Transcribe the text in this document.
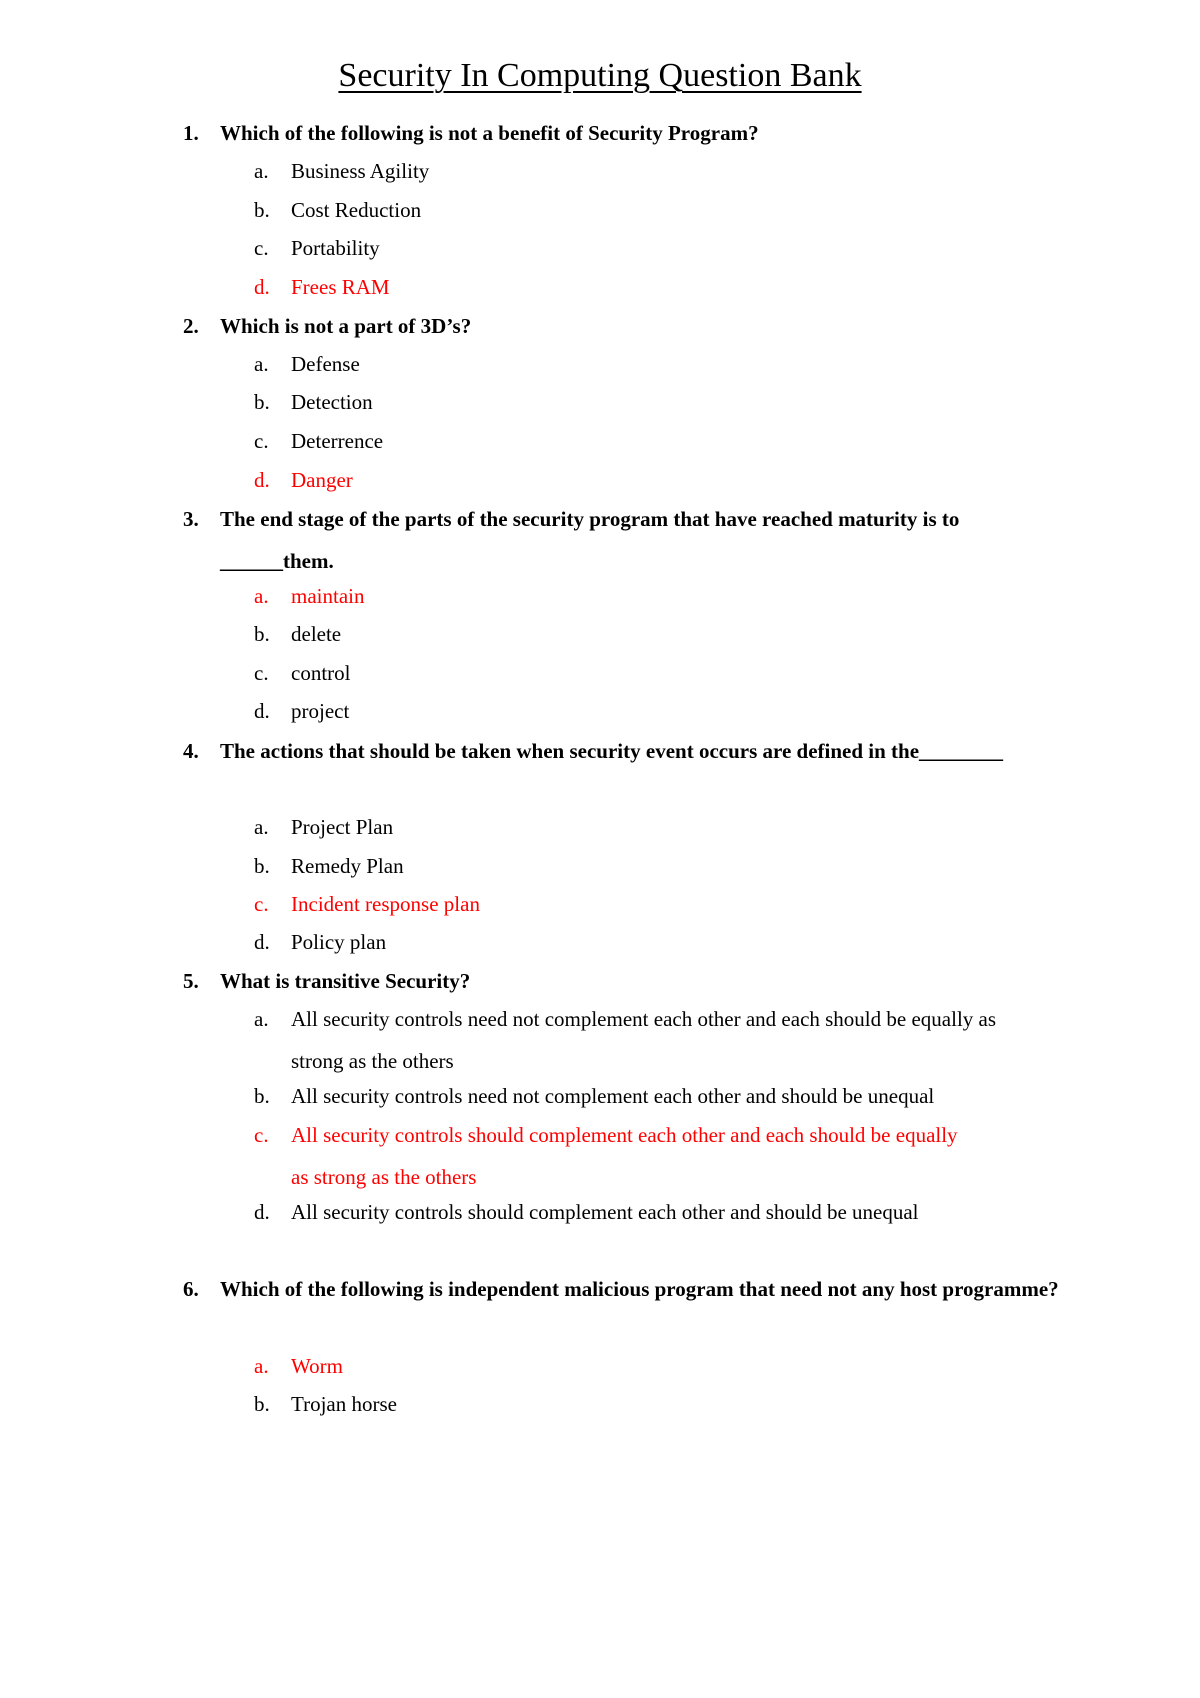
Security In Computing Question Bank
1. Which of the following is not a benefit of Security Program?
a. Business Agility
b. Cost Reduction
c. Portability
d. Frees RAM
2. Which is not a part of 3D’s?
a. Defense
b. Detection
c. Deterrence
d. Danger
3. The end stage of the parts of the security program that have reached maturity is to ______them.
a. maintain
b. delete
c. control
d. project
4. The actions that should be taken when security event occurs are defined in the________
a. Project Plan
b. Remedy Plan
c. Incident response plan
d. Policy plan
5. What is transitive Security?
a. All security controls need not complement each other and each should be equally as strong as the others
b. All security controls need not complement each other and should be unequal
c. All security controls should complement each other and each should be equally as strong as the others
d. All security controls should complement each other and should be unequal
6. Which of the following is independent malicious program that need not any host programme?
a. Worm
b. Trojan horse
